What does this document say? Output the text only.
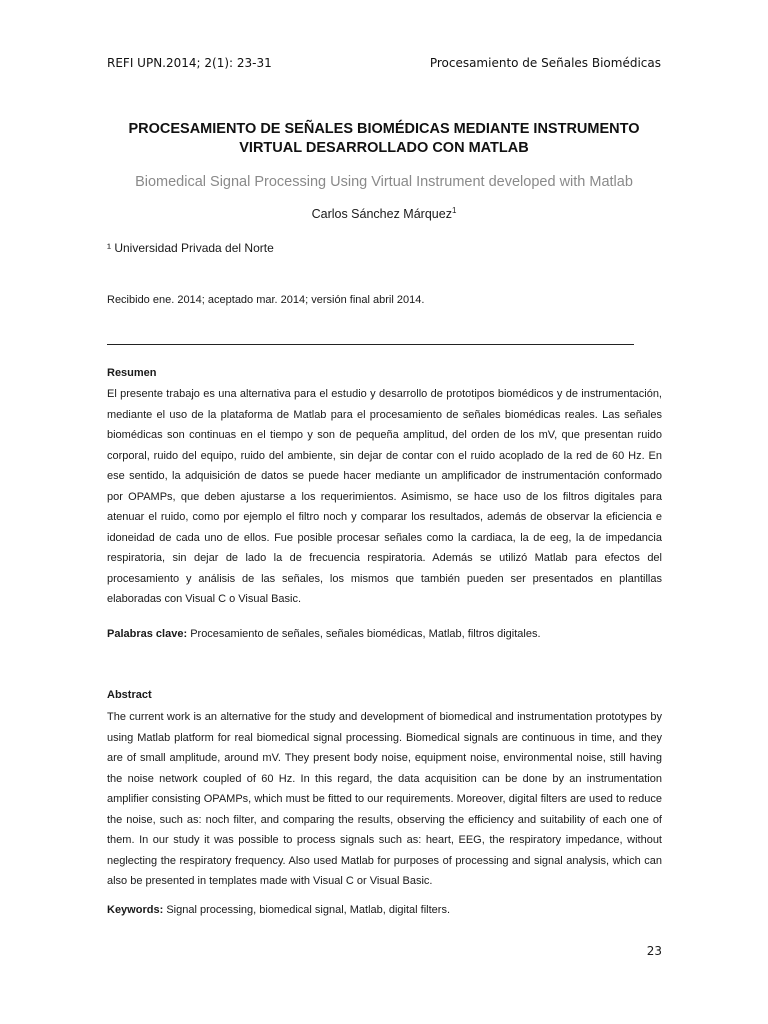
REFI UPN.2014; 2(1): 23-31	Procesamiento de Señales Biomédicas
PROCESAMIENTO DE SEÑALES BIOMÉDICAS MEDIANTE INSTRUMENTO
VIRTUAL DESARROLLADO CON MATLAB
Biomedical Signal Processing Using Virtual Instrument developed with Matlab
Carlos Sánchez Márquez$^1$
¹ Universidad Privada del Norte
Recibido ene. 2014; aceptado mar. 2014; versión final abril 2014.
Resumen

El presente trabajo es una alternativa para el estudio y desarrollo de prototipos biomédicos y de instrumentación, mediante el uso de la plataforma de Matlab para el procesamiento de señales biomédicas reales. Las señales biomédicas son continuas en el tiempo y son de pequeña amplitud, del orden de los mV, que presentan ruido corporal, ruido del equipo, ruido del ambiente, sin dejar de contar con el ruido acoplado de la red de 60 Hz. En ese sentido, la adquisición de datos se puede hacer mediante un amplificador de instrumentación conformado por OPAMPs, que deben ajustarse a los requerimientos. Asimismo, se hace uso de los filtros digitales para atenuar el ruido, como por ejemplo el filtro noch y comparar los resultados, además de observar la eficiencia e idoneidad de cada uno de ellos. Fue posible procesar señales como la cardiaca, la de eeg, la de impedancia respiratoria, sin dejar de lado la de frecuencia respiratoria. Además se utilizó Matlab para efectos del procesamiento y análisis de las señales, los mismos que también pueden ser presentados en plantillas elaboradas con Visual C o Visual Basic.

Palabras clave: Procesamiento de señales, señales biomédicas, Matlab, filtros digitales.
Abstract

The current work is an alternative for the study and development of biomedical and instrumentation prototypes by using Matlab platform for real biomedical signal processing. Biomedical signals are continuous in time, and they are of small amplitude, around mV. They present body noise, equipment noise, environmental noise, still having the noise network coupled of 60 Hz. In this regard, the data acquisition can be done by an instrumentation amplifier consisting OPAMPs, which must be fitted to our requirements. Moreover, digital filters are used to reduce the noise, such as: noch filter, and comparing the results, observing the efficiency and suitability of each one of them. In our study it was possible to process signals such as: heart, EEG, the respiratory impedance, without neglecting the respiratory frequency. Also used Matlab for purposes of processing and signal analysis, which can also be presented in templates made with Visual C or Visual Basic.

Keywords: Signal processing, biomedical signal, Matlab, digital filters.
23
